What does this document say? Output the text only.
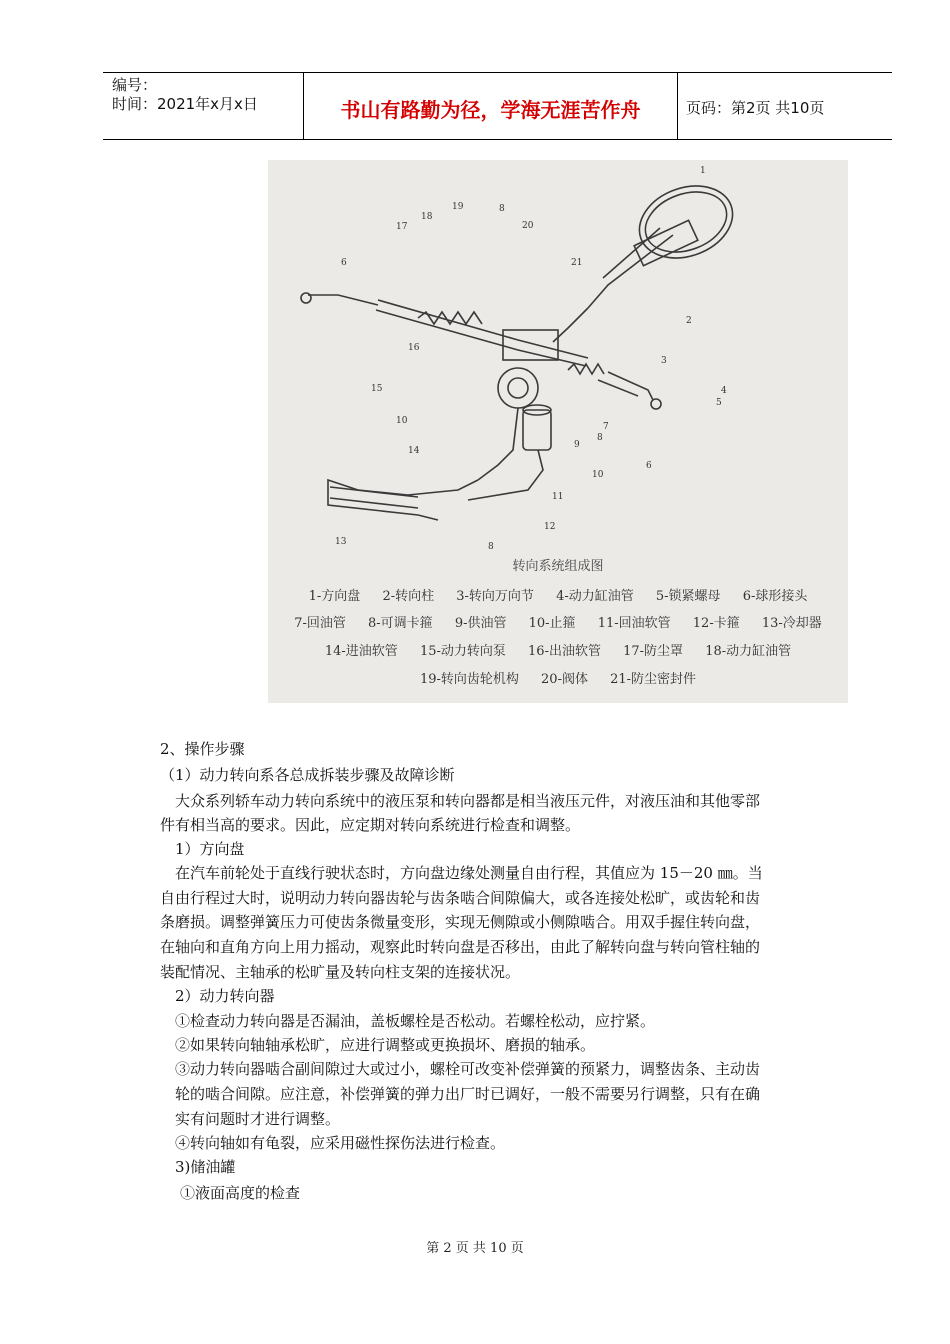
编号：
时间：2021年x月x日	书山有路勤为径，学海无涯苦作舟	页码：第2页 共10页
1
2
3
4
5
6
6
7
8
8
8
9
10
10
11
12
13
14
15
16
17
18
19
20
21
转向系统组成图
1-方向盘 2-转向柱 3-转向万向节 4-动力缸油管 5-锁紧螺母 6-球形接头
7-回油管 8-可调卡箍 9-供油管 10-止箍 11-回油软管 12-卡箍 13-冷却器
14-进油软管 15-动力转向泵 16-出油软管 17-防尘罩 18-动力缸油管
19-转向齿轮机构 20-阀体 21-防尘密封件
2、操作步骤
（1）动力转向系各总成拆装步骤及故障诊断
大众系列轿车动力转向系统中的液压泵和转向器都是相当液压元件，对液压油和其他零部
件有相当高的要求。因此，应定期对转向系统进行检查和调整。
1）方向盘
在汽车前轮处于直线行驶状态时，方向盘边缘处测量自由行程，其值应为 15－20 ㎜。当
自由行程过大时，说明动力转向器齿轮与齿条啮合间隙偏大，或各连接处松旷，或齿轮和齿
条磨损。调整弹簧压力可使齿条微量变形，实现无侧隙或小侧隙啮合。用双手握住转向盘，
在轴向和直角方向上用力摇动，观察此时转向盘是否移出，由此了解转向盘与转向管柱轴的
装配情况、主轴承的松旷量及转向柱支架的连接状况。
2）动力转向器
①检查动力转向器是否漏油，盖板螺栓是否松动。若螺栓松动，应拧紧。
②如果转向轴轴承松旷，应进行调整或更换损坏、磨损的轴承。
③动力转向器啮合副间隙过大或过小，螺栓可改变补偿弹簧的预紧力，调整齿条、主动齿
轮的啮合间隙。应注意，补偿弹簧的弹力出厂时已调好，一般不需要另行调整，只有在确
实有问题时才进行调整。
④转向轴如有龟裂，应采用磁性探伤法进行检查。
3)储油罐
①液面高度的检查
第 2 页 共 10 页
